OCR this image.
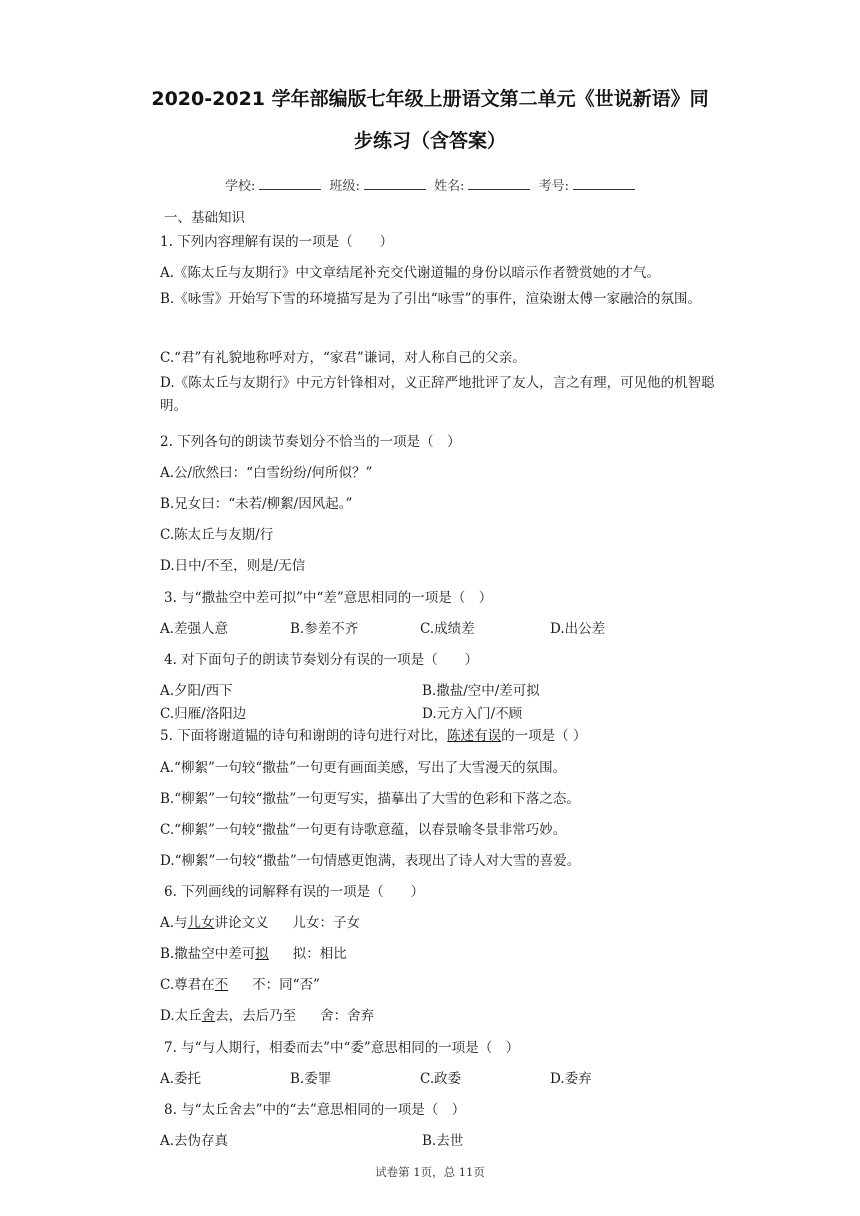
2020-2021 学年部编版七年级上册语文第二单元《世说新语》同
步练习（含答案）
学校:	班级:	姓名:	考号:
一、基础知识
1. 下列内容理解有误的一项是（　　）
A.《陈太丘与友期行》中文章结尾补充交代谢道韫的身份以暗示作者赞赏她的才气。
B.《咏雪》开始写下雪的环境描写是为了引出“咏雪”的事件，渲染谢太傅一家融洽的氛围。
C.“君”有礼貌地称呼对方，“家君”谦词，对人称自己的父亲。
D.《陈太丘与友期行》中元方针锋相对，义正辞严地批评了友人，言之有理，可见他的机智聪明。
2. 下列各句的朗读节奏划分不恰当的一项是（　）
A.公/欣然曰：“白雪纷纷/何所似？”
B.兄女曰：“未若/柳絮/因风起。”
C.陈太丘与友期/行
D.日中/不至，则是/无信
3. 与“撒盐空中差可拟”中“差”意思相同的一项是（　）
A.差强人意	B.参差不齐	C.成绩差	D.出公差
4. 对下面句子的朗读节奏划分有误的一项是（　　）
A.夕阳/西下	B.撒盐/空中/差可拟
C.归雁/洛阳边	D.元方入门/不顾
5. 下面将谢道韫的诗句和谢朗的诗句进行对比，陈述有误的一项是（ ）
A.“柳絮”一句较“撒盐”一句更有画面美感，写出了大雪漫天的氛围。
B.“柳絮”一句较“撒盐”一句更写实，描摹出了大雪的色彩和下落之态。
C.“柳絮”一句较“撒盐”一句更有诗歌意蕴，以春景喻冬景非常巧妙。
D.“柳絮”一句较“撒盐”一句情感更饱满，表现出了诗人对大雪的喜爱。
6. 下列画线的词解释有误的一项是（　　）
A.与儿女讲论文义 儿女：子女
B.撒盐空中差可拟 拟：相比
C.尊君在不 不：同“否”
D.太丘舍去，去后乃至 舍：舍弃
7. 与“与人期行，相委而去”中“委”意思相同的一项是（　）
A.委托	B.委罪	C.政委	D.委弃
8. 与“太丘舍去”中的“去”意思相同的一项是（　）
A.去伪存真	B.去世
试卷第 1页，总 11页
